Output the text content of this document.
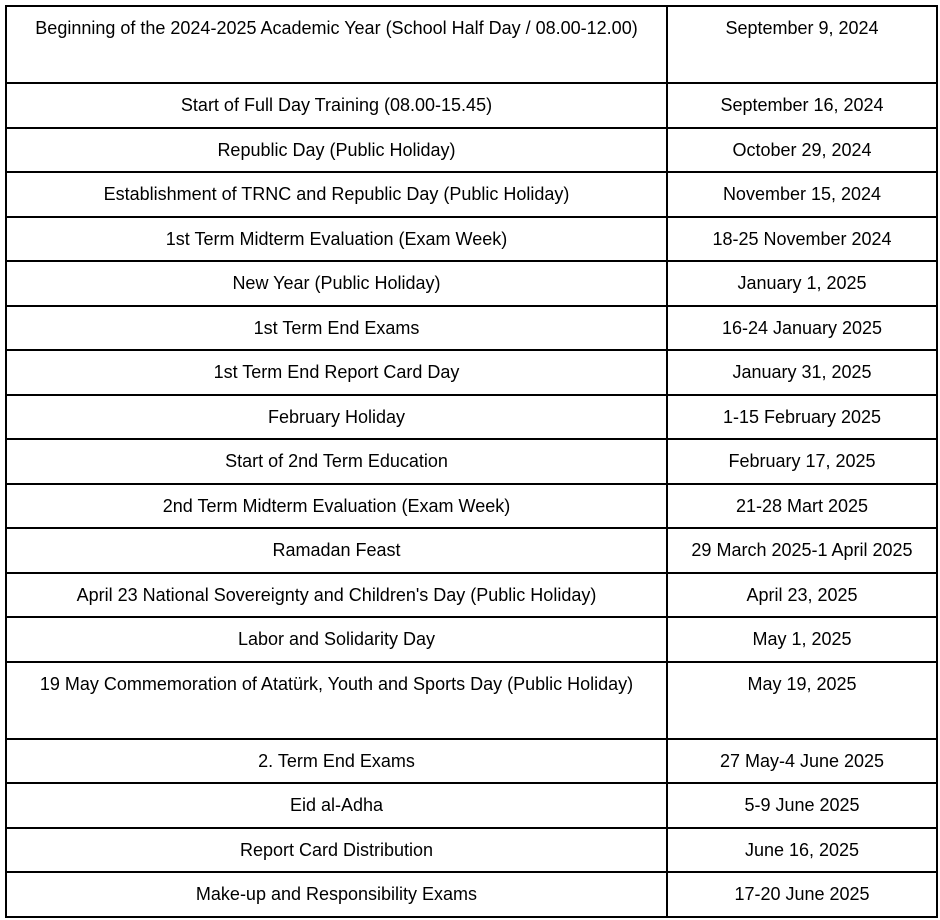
Beginning of the 2024-2025 Academic Year (School Half Day / 08.00-12.00)	September 9, 2024
Start of Full Day Training (08.00-15.45)	September 16, 2024
Republic Day (Public Holiday)	October 29, 2024
Establishment of TRNC and Republic Day (Public Holiday)	November 15, 2024
1st Term Midterm Evaluation (Exam Week)	18-25 November 2024
New Year (Public Holiday)	January 1, 2025
1st Term End Exams	16-24 January 2025
1st Term End Report Card Day	January 31, 2025
February Holiday	1-15 February 2025
Start of 2nd Term Education	February 17, 2025
2nd Term Midterm Evaluation (Exam Week)	21-28 Mart 2025
Ramadan Feast	29 March 2025-1 April 2025
April 23 National Sovereignty and Children's Day (Public Holiday)	April 23, 2025
Labor and Solidarity Day	May 1, 2025
19 May Commemoration of Atatürk, Youth and Sports Day (Public Holiday)	May 19, 2025
2. Term End Exams	27 May-4 June 2025
Eid al-Adha	5-9 June 2025
Report Card Distribution	June 16, 2025
Make-up and Responsibility Exams	17-20 June 2025
